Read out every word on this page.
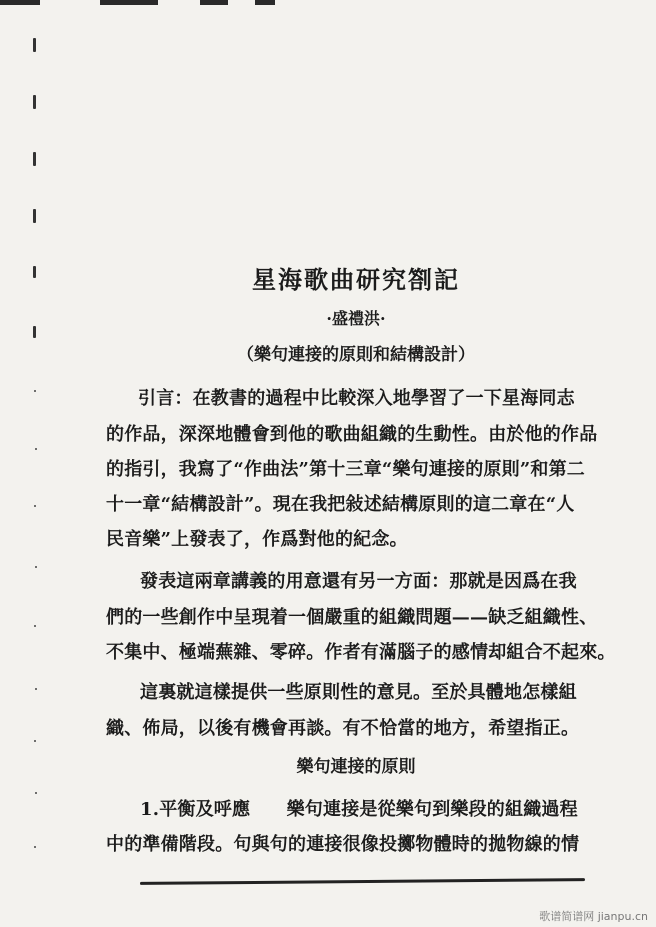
星海歌曲研究劄記
·盛禮洪·
（樂句連接的原則和結構設計）
引言：在教書的過程中比較深入地學習了一下星海同志
的作品，深深地體會到他的歌曲組織的生動性。由於他的作品
的指引，我寫了“作曲法”第十三章“樂句連接的原則”和第二
十一章“結構設計”。現在我把敍述結構原則的這二章在“人
民音樂”上發表了，作爲對他的紀念。
發表這兩章講義的用意還有另一方面：那就是因爲在我
們的一些創作中呈現着一個嚴重的組織問題——缺乏組織性、
不集中、極端蕪雜、零碎。作者有滿腦子的感情却組合不起來。
這裏就這樣提供一些原則性的意見。至於具體地怎樣組
織、佈局，以後有機會再談。有不恰當的地方，希望指正。
樂句連接的原則
1.平衡及呼應　　樂句連接是從樂句到樂段的組織過程
中的準備階段。句與句的連接很像投擲物體時的拋物線的情
歌谱简谱网 jianpu.cn
